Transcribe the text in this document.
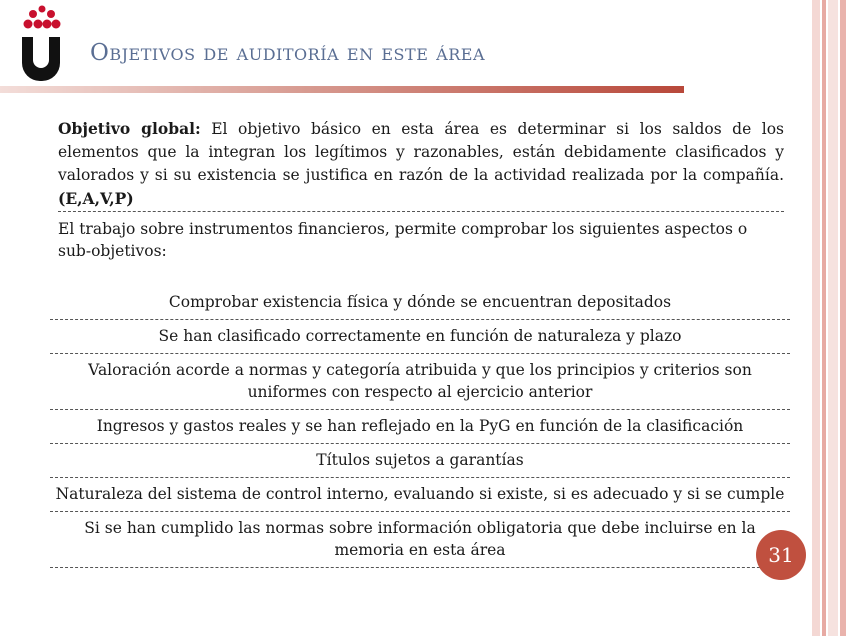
Objetivos de auditoría en este área
Objetivo global: El objetivo básico en esta área es determinar si los saldos de los elementos que la integran los legítimos y razonables, están debidamente clasificados y valorados y si su existencia se justifica en razón de la actividad realizada por la compañía. (E,A,V,P)
El trabajo sobre instrumentos financieros, permite comprobar los siguientes aspectos o sub-objetivos:
Comprobar existencia física y dónde se encuentran depositados
Se han clasificado correctamente en función de naturaleza y plazo
Valoración acorde a normas y categoría atribuida y que los principios y criterios son uniformes con respecto al ejercicio anterior
Ingresos y gastos reales y se han reflejado en la PyG en función de la clasificación
Títulos sujetos a garantías
Naturaleza del sistema de control interno, evaluando si existe, si es adecuado y si se cumple
Si se han cumplido las normas sobre información obligatoria que debe incluirse en la memoria en esta área	31
